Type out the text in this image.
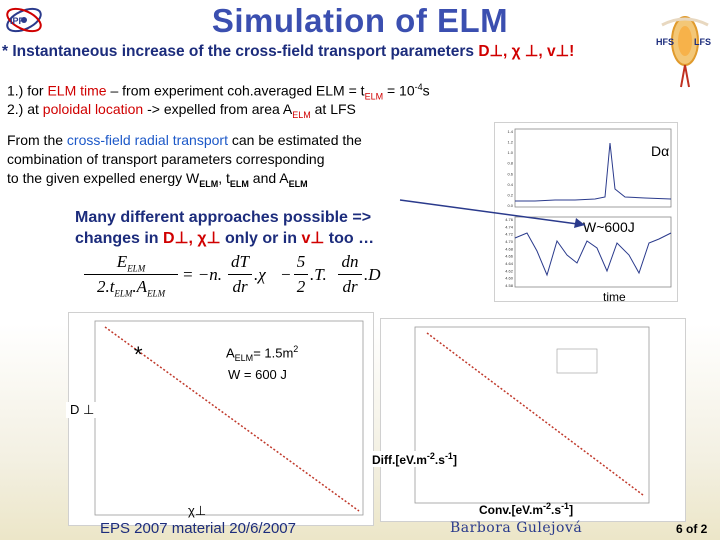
IPP	Simulation of ELM
HFS LFS
* Instantaneous increase of the cross-field transport parameters D⊥, χ ⊥, v⊥!
1.) for ELM time – from experiment coh.averaged ELM = $t_{ELM} = 10^{-4}s$
2.) at poloidal location -> expelled from area $A_{ELM}$ at LFS
From the cross-field radial transport can be estimated the
combination of transport parameters corresponding
to the given expelled energy $W_{ELM}$, $t_{ELM}$ and $A_{ELM}$
Many different approaches possible =>
changes in D⊥, χ⊥ only or in v⊥ too …
$E_{ELM}$
$2.t_{ELM}.A_{ELM}$
= −n.
dT
dr
.χ −
5
2
.T.
dn
dr
.D
1.4
1.2
1.0
0.8
0.6
0.4
0.2
0.0
4.76
4.74
4.72
4.70
4.68
4.66
4.64
4.62
4.60
4.58
Dα
W~600J
time
*	$A_{ELM}= 1.5m^2$
W = 600 J
D ⊥
χ⊥
$Diff.[eV.m^{-2}.s^{-1}]$
$Conv.[eV.m^{-2}.s^{-1}]$
EPS 2007 material 20/6/2007	Barbora Gulejová	6 of 2
